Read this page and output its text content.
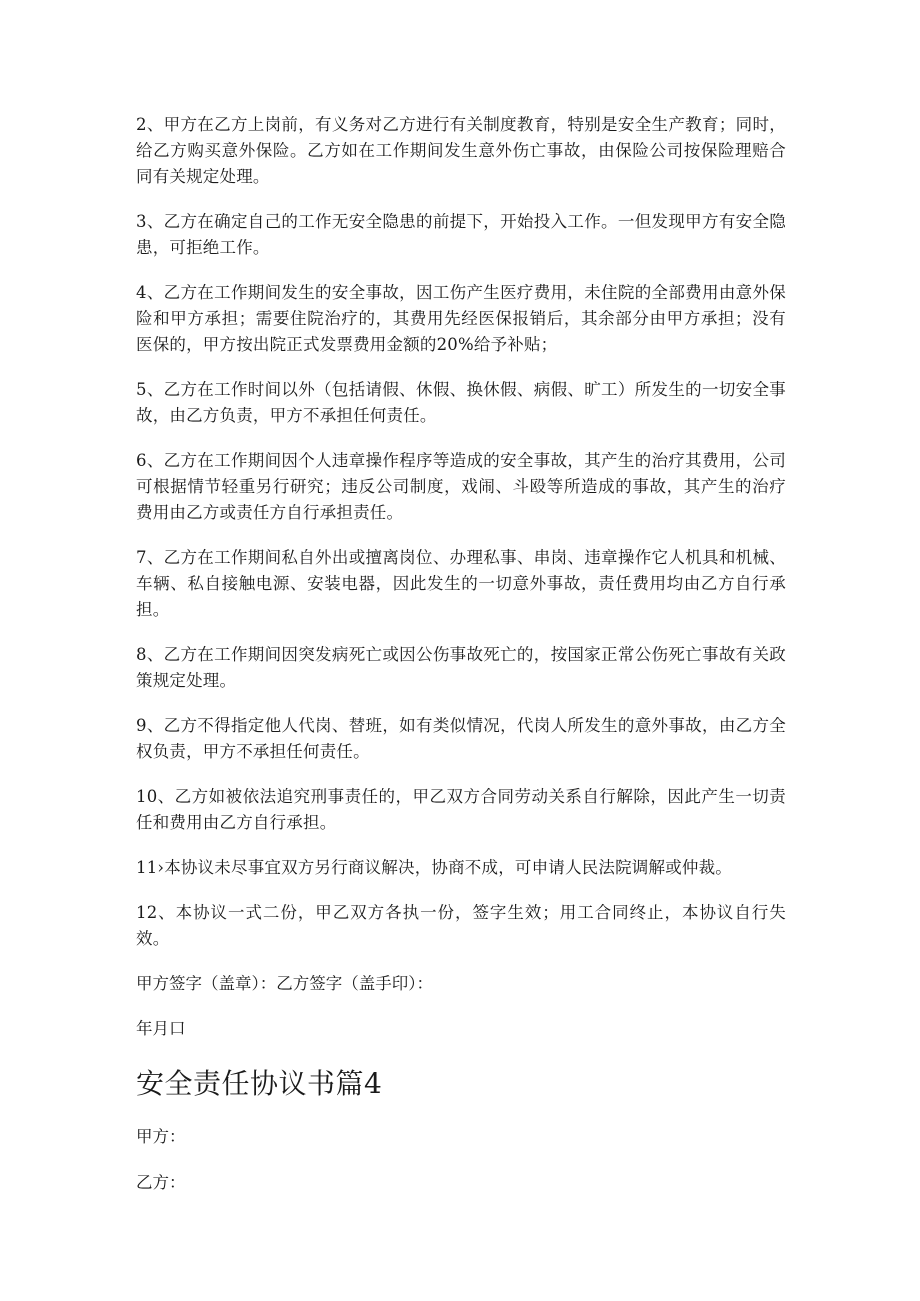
2、甲方在乙方上岗前，有义务对乙方进行有关制度教育，特别是安全生产教育；同时，给乙方购买意外保险。乙方如在工作期间发生意外伤亡事故，由保险公司按保险理赔合同有关规定处理。

3、乙方在确定自己的工作无安全隐患的前提下，开始投入工作。一但发现甲方有安全隐患，可拒绝工作。

4、乙方在工作期间发生的安全事故，因工伤产生医疗费用，未住院的全部费用由意外保险和甲方承担；需要住院治疗的，其费用先经医保报销后，其余部分由甲方承担；没有医保的，甲方按出院正式发票费用金额的20%给予补贴；

5、乙方在工作时间以外（包括请假、休假、换休假、病假、旷工）所发生的一切安全事故，由乙方负责，甲方不承担任何责任。

6、乙方在工作期间因个人违章操作程序等造成的安全事故，其产生的治疗其费用，公司可根据情节轻重另行研究；违反公司制度，戏闹、斗殴等所造成的事故，其产生的治疗费用由乙方或责任方自行承担责任。

7、乙方在工作期间私自外出或擅离岗位、办理私事、串岗、违章操作它人机具和机械、车辆、私自接触电源、安装电器，因此发生的一切意外事故，责任费用均由乙方自行承担。

8、乙方在工作期间因突发病死亡或因公伤事故死亡的，按国家正常公伤死亡事故有关政策规定处理。

9、乙方不得指定他人代岗、替班，如有类似情况，代岗人所发生的意外事故，由乙方全权负责，甲方不承担任何责任。

10、乙方如被依法追究刑事责任的，甲乙双方合同劳动关系自行解除，因此产生一切责任和费用由乙方自行承担。

11›本协议未尽事宜双方另行商议解决，协商不成，可申请人民法院调解或仲裁。

12、本协议一式二份，甲乙双方各执一份，签字生效；用工合同终止，本协议自行失效。

甲方签字（盖章）：乙方签字（盖手印）：

年月口

安全责任协议书篇4

甲方：

乙方：
